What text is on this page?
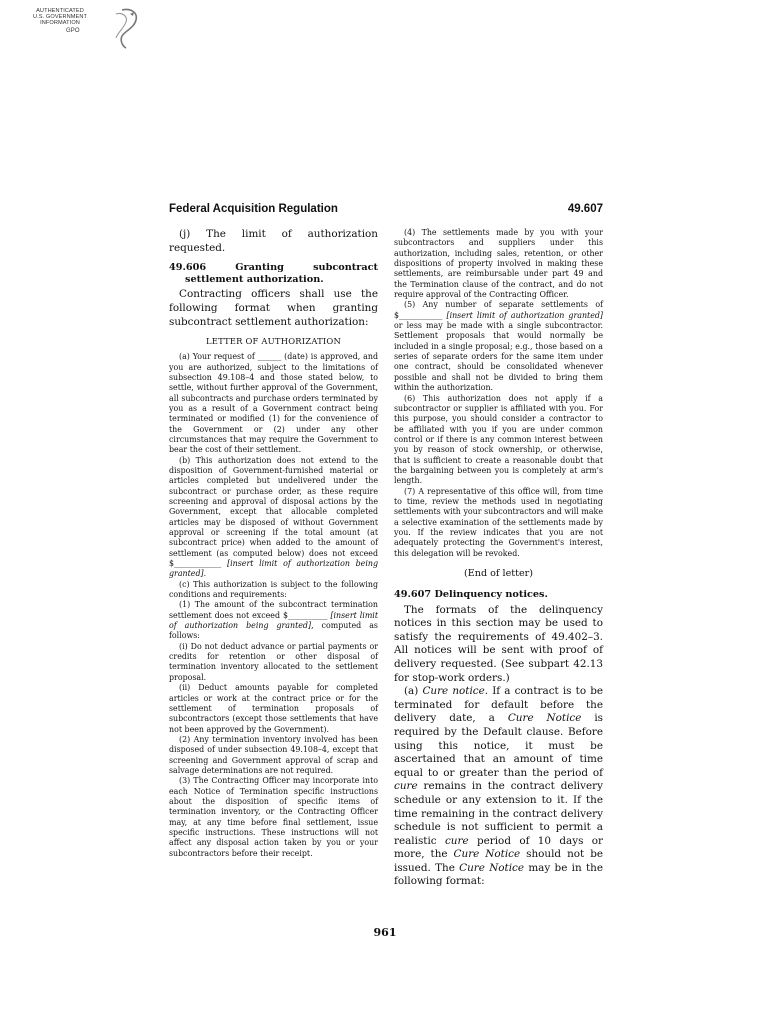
AUTHENTICATED
U.S. GOVERNMENT
INFORMATION
GPO
Federal Acquisition Regulation	49.607

(j) The limit of authorization requested.

49.606 Granting subcontract settlement authorization.

Contracting officers shall use the following format when granting subcontract settlement authorization:

LETTER OF AUTHORIZATION

(a) Your request of ______ (date) is approved, and you are authorized, subject to the limitations of subsection 49.108–4 and those stated below, to settle, without further approval of the Government, all subcontracts and purchase orders terminated by you as a result of a Government contract being terminated or modified (1) for the convenience of the Government or (2) under any other circumstances that may require the Government to bear the cost of their settlement.

(b) This authorization does not extend to the disposition of Government-furnished material or articles completed but undelivered under the subcontract or purchase order, as these require screening and approval of disposal actions by the Government, except that allocable completed articles may be disposed of without Government approval or screening if the total amount (at subcontract price) when added to the amount of settlement (as computed below) does not exceed $____________ [insert limit of authorization being granted].

(c) This authorization is subject to the following conditions and requirements:

(1) The amount of the subcontract termination settlement does not exceed $__________ [insert limit of authorization being granted], computed as follows:

(i) Do not deduct advance or partial payments or credits for retention or other disposal of termination inventory allocated to the settlement proposal.

(ii) Deduct amounts payable for completed articles or work at the contract price or for the settlement of termination proposals of subcontractors (except those settlements that have not been approved by the Government).

(2) Any termination inventory involved has been disposed of under subsection 49.108–4, except that screening and Government approval of scrap and salvage determinations are not required.

(3) The Contracting Officer may incorporate into each Notice of Termination specific instructions about the disposition of specific items of termination inventory, or the Contracting Officer may, at any time before final settlement, issue specific instructions. These instructions will not affect any disposal action taken by you or your subcontractors before their receipt.

(4) The settlements made by you with your subcontractors and suppliers under this authorization, including sales, retention, or other dispositions of property involved in making these settlements, are reimbursable under part 49 and the Termination clause of the contract, and do not require approval of the Contracting Officer.

(5) Any number of separate settlements of $___________ [insert limit of authorization granted] or less may be made with a single subcontractor. Settlement proposals that would normally be included in a single proposal; e.g., those based on a series of separate orders for the same item under one contract, should be consolidated whenever possible and shall not be divided to bring them within the authorization.

(6) This authorization does not apply if a subcontractor or supplier is affiliated with you. For this purpose, you should consider a contractor to be affiliated with you if you are under common control or if there is any common interest between you by reason of stock ownership, or otherwise, that is sufficient to create a reasonable doubt that the bargaining between you is completely at arm's length.

(7) A representative of this office will, from time to time, review the methods used in negotiating settlements with your subcontractors and will make a selective examination of the settlements made by you. If the review indicates that you are not adequately protecting the Government's interest, this delegation will be revoked.

(End of letter)

49.607 Delinquency notices.

The formats of the delinquency notices in this section may be used to satisfy the requirements of 49.402–3. All notices will be sent with proof of delivery requested. (See subpart 42.13 for stop-work orders.)

(a) Cure notice. If a contract is to be terminated for default before the delivery date, a Cure Notice is required by the Default clause. Before using this notice, it must be ascertained that an amount of time equal to or greater than the period of cure remains in the contract delivery schedule or any extension to it. If the time remaining in the contract delivery schedule is not sufficient to permit a realistic cure period of 10 days or more, the Cure Notice should not be issued. The Cure Notice may be in the following format:

961
